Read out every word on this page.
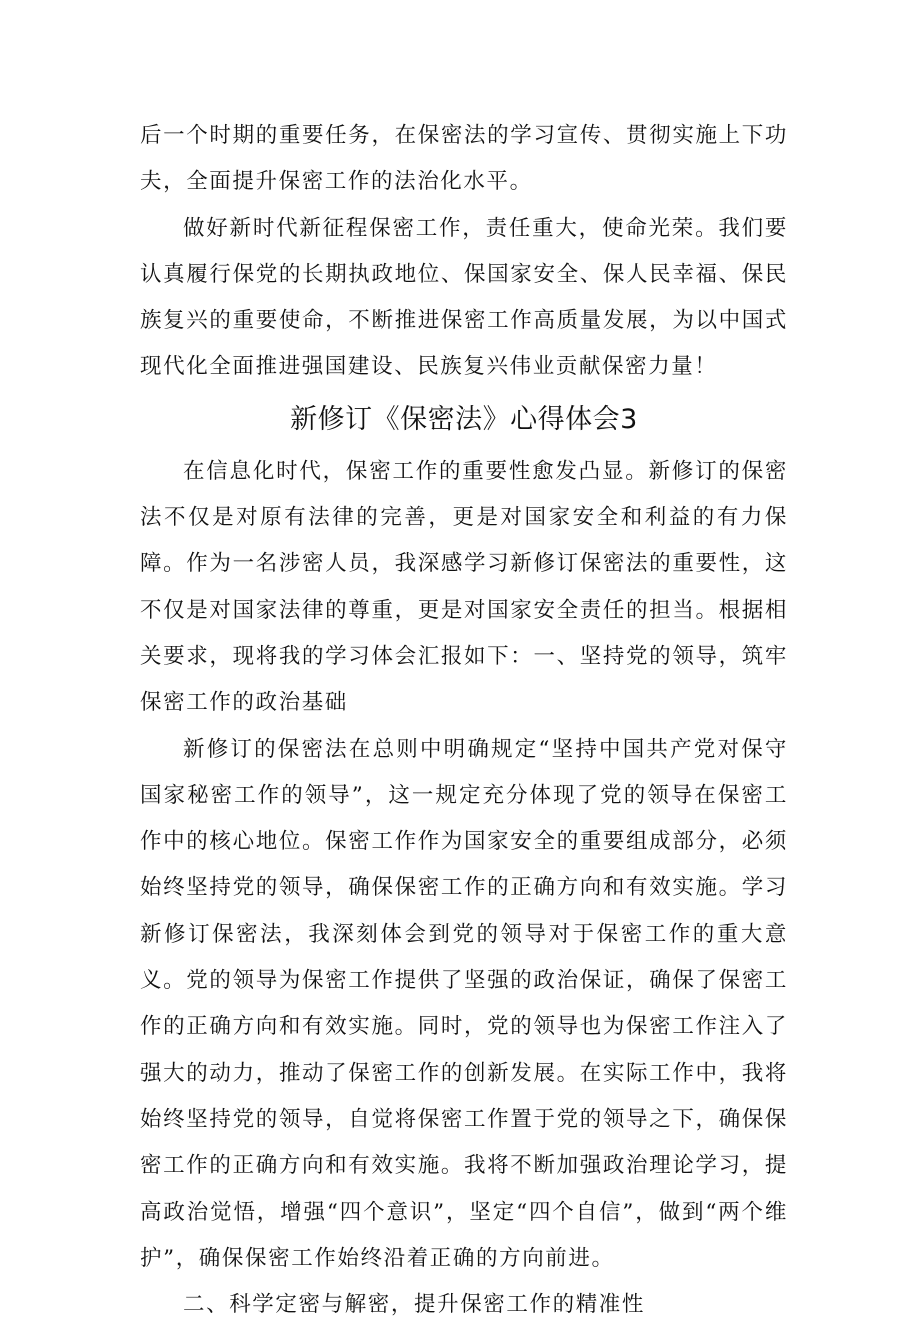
后一个时期的重要任务，在保密法的学习宣传、贯彻实施上下功夫，全面提升保密工作的法治化水平。

做好新时代新征程保密工作，责任重大，使命光荣。我们要认真履行保党的长期执政地位、保国家安全、保人民幸福、保民族复兴的重要使命，不断推进保密工作高质量发展，为以中国式现代化全面推进强国建设、民族复兴伟业贡献保密力量！

新修订《保密法》心得体会3

在信息化时代，保密工作的重要性愈发凸显。新修订的保密法不仅是对原有法律的完善，更是对国家安全和利益的有力保障。作为一名涉密人员，我深感学习新修订保密法的重要性，这不仅是对国家法律的尊重，更是对国家安全责任的担当。根据相关要求，现将我的学习体会汇报如下：一、坚持党的领导，筑牢保密工作的政治基础

新修订的保密法在总则中明确规定“坚持中国共产党对保守国家秘密工作的领导”，这一规定充分体现了党的领导在保密工作中的核心地位。保密工作作为国家安全的重要组成部分，必须始终坚持党的领导，确保保密工作的正确方向和有效实施。学习新修订保密法，我深刻体会到党的领导对于保密工作的重大意义。党的领导为保密工作提供了坚强的政治保证，确保了保密工作的正确方向和有效实施。同时，党的领导也为保密工作注入了强大的动力，推动了保密工作的创新发展。在实际工作中，我将始终坚持党的领导，自觉将保密工作置于党的领导之下，确保保密工作的正确方向和有效实施。我将不断加强政治理论学习，提高政治觉悟，增强“四个意识”，坚定“四个自信”，做到“两个维护”，确保保密工作始终沿着正确的方向前进。

二、科学定密与解密，提升保密工作的精准性
